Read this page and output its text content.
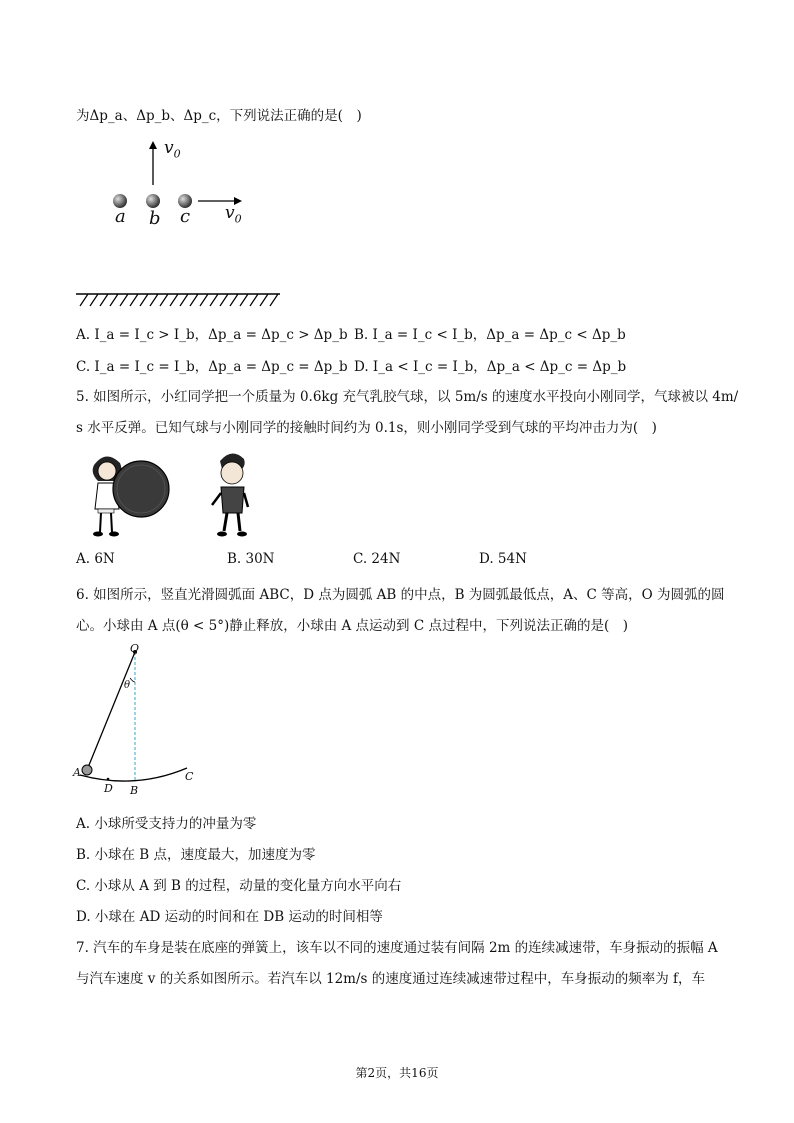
为Δp_a、Δp_b、Δp_c，下列说法正确的是(　)
$v_0$
$v_0$
a b c
A. I_a = I_c > I_b，Δp_a = Δp_c > Δp_b B. I_a = I_c < I_b，Δp_a = Δp_c < Δp_b
C. I_a = I_c = I_b，Δp_a = Δp_c = Δp_b D. I_a < I_c = I_b，Δp_a < Δp_c = Δp_b
5. 如图所示，小红同学把一个质量为 0.6kg 充气乳胶气球，以 5m/s 的速度水平投向小刚同学，气球被以 4m/
s 水平反弹。已知气球与小刚同学的接触时间约为 0.1s，则小刚同学受到气球的平均冲击力为(　)
A. 6N	B. 30N	C. 24N	D. 54N
6. 如图所示，竖直光滑圆弧面 ABC，D 点为圆弧 AB 的中点，B 为圆弧最低点，A、C 等高，O 为圆弧的圆
心。小球由 A 点(θ < 5°)静止释放，小球由 A 点运动到 C 点过程中，下列说法正确的是(　)
O
θ
A
D B
C
A. 小球所受支持力的冲量为零
B. 小球在 B 点，速度最大，加速度为零
C. 小球从 A 到 B 的过程，动量的变化量方向水平向右
D. 小球在 AD 运动的时间和在 DB 运动的时间相等
7. 汽车的车身是装在底座的弹簧上，该车以不同的速度通过装有间隔 2m 的连续减速带，车身振动的振幅 A
与汽车速度 v 的关系如图所示。若汽车以 12m/s 的速度通过连续减速带过程中，车身振动的频率为 f，车
第2页，共16页
